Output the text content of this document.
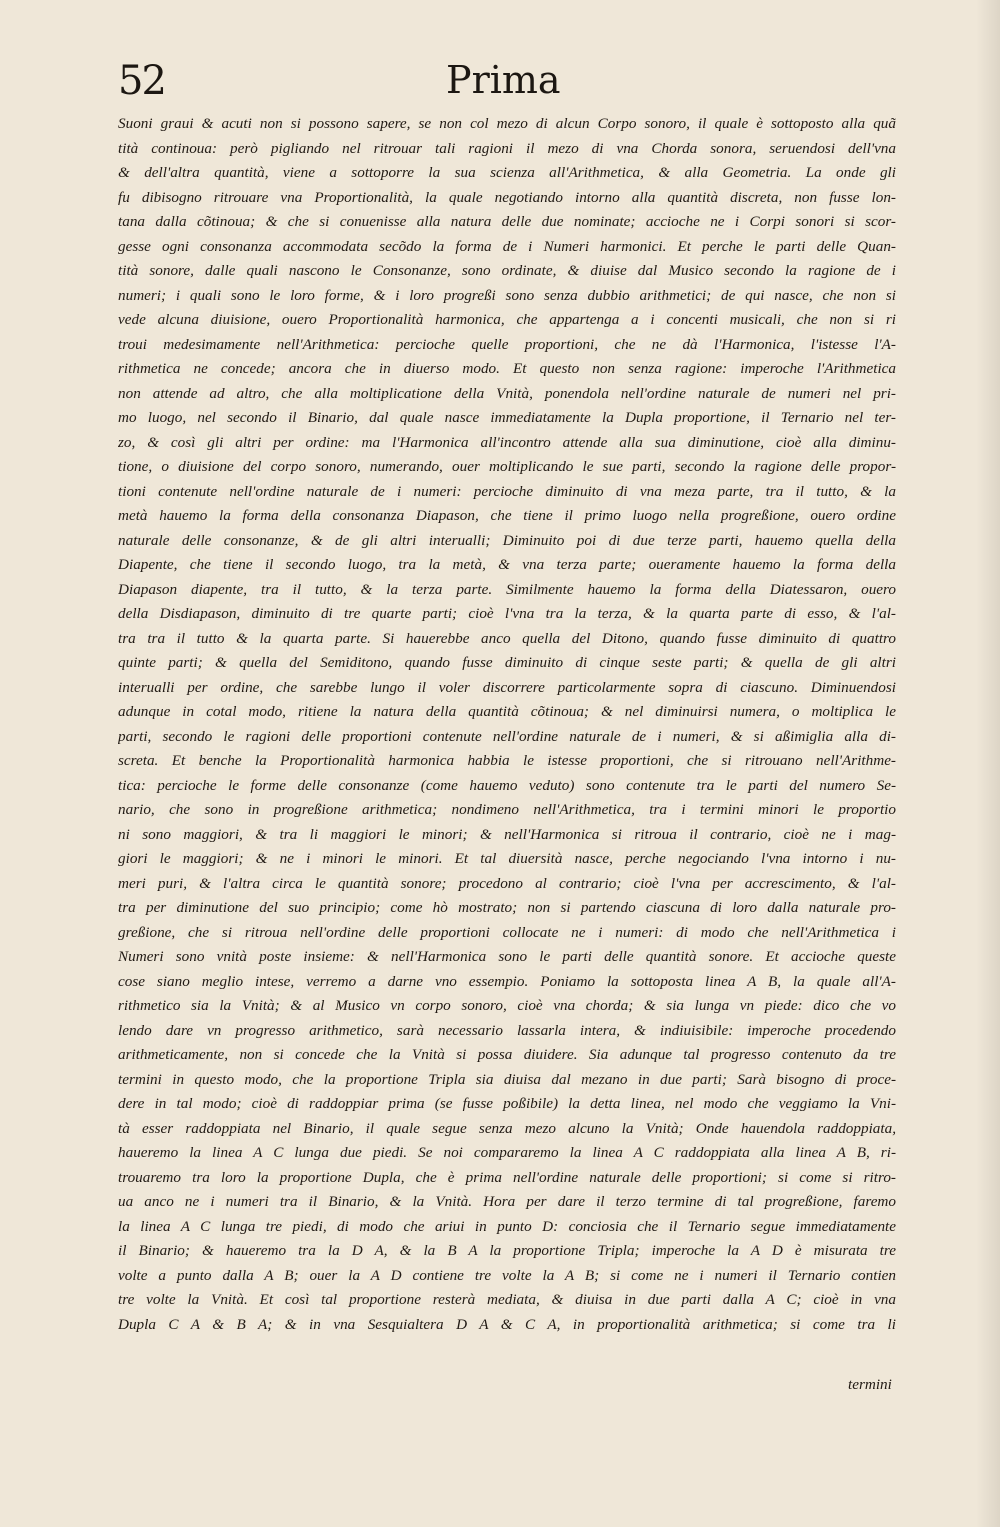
52	Prima
Suoni graui & acuti non si possono sapere, se non col mezo di alcun Corpo sonoro, il quale è sottoposto alla quã
tità continoua: però pigliando nel ritrouar tali ragioni il mezo di vna Chorda sonora, seruendosi dell'vna
& dell'altra quantità, viene a sottoporre la sua scienza all'Arithmetica, & alla Geometria. La onde gli
fu dibisogno ritrouare vna Proportionalità, la quale negotiando intorno alla quantità discreta, non fusse lon-
tana dalla cõtinoua; & che si conuenisse alla natura delle due nominate; accioche ne i Corpi sonori si scor-
gesse ogni consonanza accommodata secõdo la forma de i Numeri harmonici. Et perche le parti delle Quan-
tità sonore, dalle quali nascono le Consonanze, sono ordinate, & diuise dal Musico secondo la ragione de i
numeri; i quali sono le loro forme, & i loro progreßi sono senza dubbio arithmetici; de qui nasce, che non si
vede alcuna diuisione, ouero Proportionalità harmonica, che appartenga a i concenti musicali, che non si ri
troui medesimamente nell'Arithmetica: percioche quelle proportioni, che ne dà l'Harmonica, l'istesse l'A-
rithmetica ne concede; ancora che in diuerso modo. Et questo non senza ragione: imperoche l'Arithmetica
non attende ad altro, che alla moltiplicatione della Vnità, ponendola nell'ordine naturale de numeri nel pri-
mo luogo, nel secondo il Binario, dal quale nasce immediatamente la Dupla proportione, il Ternario nel ter-
zo, & così gli altri per ordine: ma l'Harmonica all'incontro attende alla sua diminutione, cioè alla diminu-
tione, o diuisione del corpo sonoro, numerando, ouer moltiplicando le sue parti, secondo la ragione delle propor-
tioni contenute nell'ordine naturale de i numeri: percioche diminuito di vna meza parte, tra il tutto, & la
metà hauemo la forma della consonanza Diapason, che tiene il primo luogo nella progreßione, ouero ordine
naturale delle consonanze, & de gli altri interualli; Diminuito poi di due terze parti, hauemo quella della
Diapente, che tiene il secondo luogo, tra la metà, & vna terza parte; oueramente hauemo la forma della
Diapason diapente, tra il tutto, & la terza parte. Similmente hauemo la forma della Diatessaron, ouero
della Disdiapason, diminuito di tre quarte parti; cioè l'vna tra la terza, & la quarta parte di esso, & l'al-
tra tra il tutto & la quarta parte. Si hauerebbe anco quella del Ditono, quando fusse diminuito di quattro
quinte parti; & quella del Semiditono, quando fusse diminuito di cinque seste parti; & quella de gli altri
interualli per ordine, che sarebbe lungo il voler discorrere particolarmente sopra di ciascuno. Diminuendosi
adunque in cotal modo, ritiene la natura della quantità cõtinoua; & nel diminuirsi numera, o moltiplica le
parti, secondo le ragioni delle proportioni contenute nell'ordine naturale de i numeri, & si aßimiglia alla di-
screta. Et benche la Proportionalità harmonica habbia le istesse proportioni, che si ritrouano nell'Arithme-
tica: percioche le forme delle consonanze (come hauemo veduto) sono contenute tra le parti del numero Se-
nario, che sono in progreßione arithmetica; nondimeno nell'Arithmetica, tra i termini minori le proportio
ni sono maggiori, & tra li maggiori le minori; & nell'Harmonica si ritroua il contrario, cioè ne i mag-
giori le maggiori; & ne i minori le minori. Et tal diuersità nasce, perche negociando l'vna intorno i nu-
meri puri, & l'altra circa le quantità sonore; procedono al contrario; cioè l'vna per accrescimento, & l'al-
tra per diminutione del suo principio; come hò mostrato; non si partendo ciascuna di loro dalla naturale pro-
greßione, che si ritroua nell'ordine delle proportioni collocate ne i numeri: di modo che nell'Arithmetica i
Numeri sono vnità poste insieme: & nell'Harmonica sono le parti delle quantità sonore. Et accioche queste
cose siano meglio intese, verremo a darne vno essempio. Poniamo la sottoposta linea A B, la quale all'A-
rithmetico sia la Vnità; & al Musico vn corpo sonoro, cioè vna chorda; & sia lunga vn piede: dico che vo
lendo dare vn progresso arithmetico, sarà necessario lassarla intera, & indiuisibile: imperoche procedendo
arithmeticamente, non si concede che la Vnità si possa diuidere. Sia adunque tal progresso contenuto da tre
termini in questo modo, che la proportione Tripla sia diuisa dal mezano in due parti; Sarà bisogno di proce-
dere in tal modo; cioè di raddoppiar prima (se fusse poßibile) la detta linea, nel modo che veggiamo la Vni-
tà esser raddoppiata nel Binario, il quale segue senza mezo alcuno la Vnità; Onde hauendola raddoppiata,
haueremo la linea A C lunga due piedi. Se noi compararemo la linea A C raddoppiata alla linea A B, ri-
trouaremo tra loro la proportione Dupla, che è prima nell'ordine naturale delle proportioni; si come si ritro-
ua anco ne i numeri tra il Binario, & la Vnità. Hora per dare il terzo termine di tal progreßione, faremo
la linea A C lunga tre piedi, di modo che ariui in punto D: conciosia che il Ternario segue immediatamente
il Binario; & haueremo tra la D A, & la B A la proportione Tripla; imperoche la A D è misurata tre
volte a punto dalla A B; ouer la A D contiene tre volte la A B; si come ne i numeri il Ternario contien
tre volte la Vnità. Et così tal proportione resterà mediata, & diuisa in due parti dalla A C; cioè in vna
Dupla C A & B A; & in vna Sesquialtera D A & C A, in proportionalità arithmetica; si come tra li
termini
